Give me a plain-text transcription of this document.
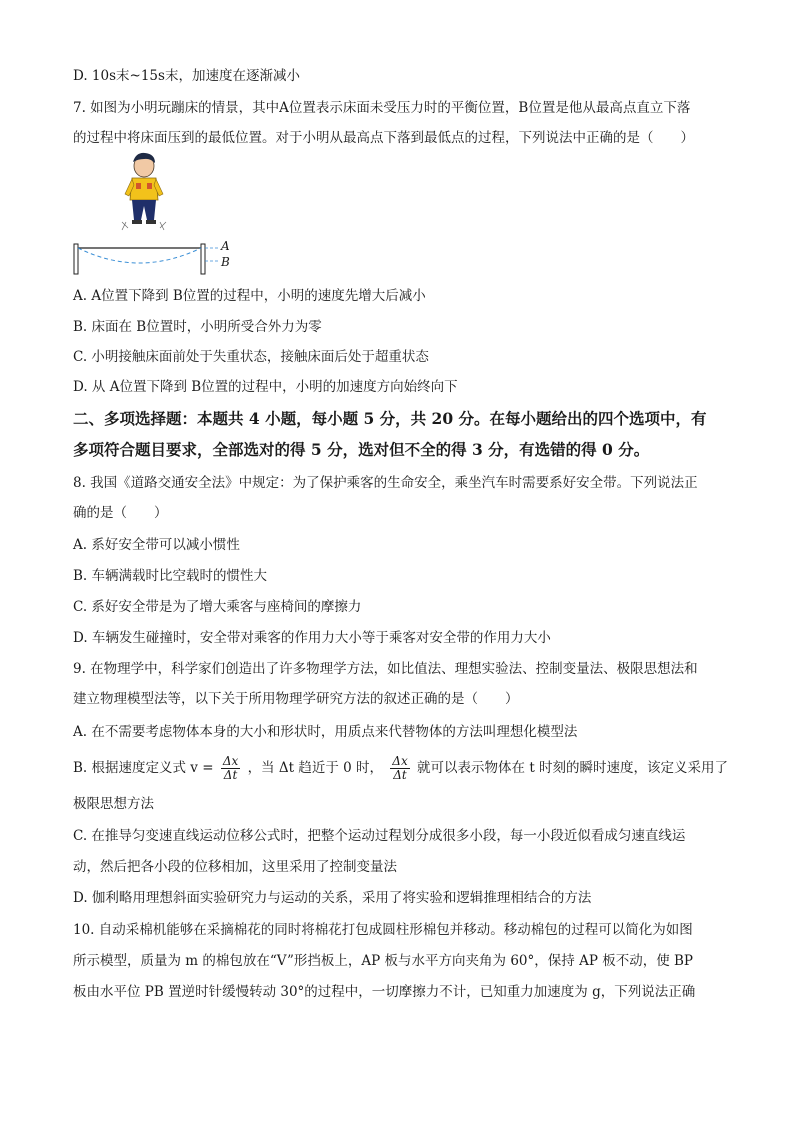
D. 10s末~15s末，加速度在逐渐减小
7. 如图为小明玩蹦床的情景，其中A位置表示床面未受压力时的平衡位置，B位置是他从最高点直立下落
的过程中将床面压到的最低位置。对于小明从最高点下落到最低点的过程，下列说法中正确的是（　　）
A
B
A. A位置下降到 B位置的过程中，小明的速度先增大后减小
B. 床面在 B位置时，小明所受合外力为零
C. 小明接触床面前处于失重状态，接触床面后处于超重状态
D. 从 A位置下降到 B位置的过程中，小明的加速度方向始终向下
二、多项选择题：本题共 4 小题，每小题 5 分，共 20 分。在每小题给出的四个选项中，有
多项符合题目要求，全部选对的得 5 分，选对但不全的得 3 分，有选错的得 0 分。
8. 我国《道路交通安全法》中规定：为了保护乘客的生命安全，乘坐汽车时需要系好安全带。下列说法正
确的是（　　）
A. 系好安全带可以减小惯性
B. 车辆满载时比空载时的惯性大
C. 系好安全带是为了增大乘客与座椅间的摩擦力
D. 车辆发生碰撞时，安全带对乘客的作用力大小等于乘客对安全带的作用力大小
9. 在物理学中，科学家们创造出了许多物理学方法，如比值法、理想实验法、控制变量法、极限思想法和
建立物理模型法等，以下关于所用物理学研究方法的叙述正确的是（　　）
A. 在不需要考虑物体本身的大小和形状时，用质点来代替物体的方法叫理想化模型法
B. 根据速度定义式 $v = \frac{\Delta x}{\Delta t}$ ，当 Δt 趋近于 0 时， $\frac{\Delta x}{\Delta t}$ 就可以表示物体在 t 时刻的瞬时速度，该定义采用了
极限思想方法
C. 在推导匀变速直线运动位移公式时，把整个运动过程划分成很多小段，每一小段近似看成匀速直线运
动，然后把各小段的位移相加，这里采用了控制变量法
D. 伽利略用理想斜面实验研究力与运动的关系，采用了将实验和逻辑推理相结合的方法
10. 自动采棉机能够在采摘棉花的同时将棉花打包成圆柱形棉包并移动。移动棉包的过程可以简化为如图
所示模型，质量为 m 的棉包放在“V”形挡板上，AP 板与水平方向夹角为 60°，保持 AP 板不动，使 BP
板由水平位 PB 置逆时针缓慢转动 30°的过程中，一切摩擦力不计，已知重力加速度为 g，下列说法正确
